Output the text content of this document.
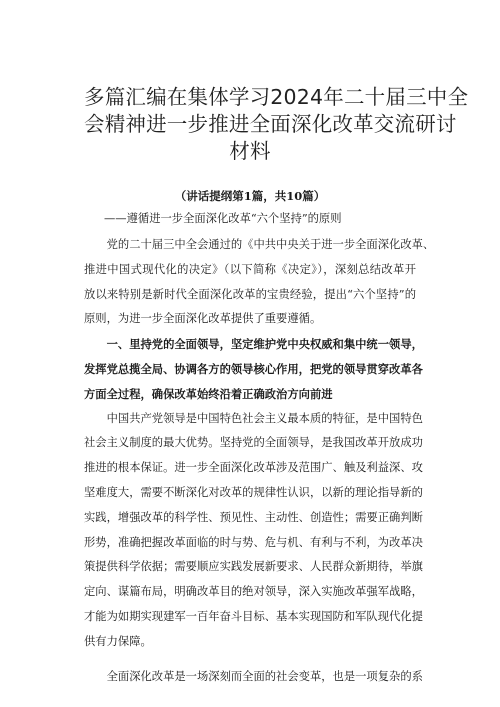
多篇汇编在集体学习2024年二十届三中全
会精神进一步推进全面深化改革交流研讨
材料
（讲话提纲第1篇，共10篇）
——遵循进一步全面深化改革“六个坚持”的原则
党的二十届三中全会通过的《中共中央关于进一步全面深化改革、
推进中国式现代化的决定》（以下简称《决定》），深刻总结改革开
放以来特别是新时代全面深化改革的宝贵经验，提出“六个坚持”的
原则，为进一步全面深化改革提供了重要遵循。
一、里持党的全面领导，坚定维护党中央权威和集中统一领导，
发挥党总揽全局、协调各方的领导核心作用，把党的领导贯穿改革各
方面全过程，确保改革始终沿着正确政治方向前进
中国共产党领导是中国特色社会主义最本质的特征，是中国特色
社会主义制度的最大优势。坚持党的全面领导，是我国改革开放成功
推进的根本保证。进一步全面深化改革涉及范围广、触及利益深、攻
坚难度大，需要不断深化对改革的规律性认识，以新的理论指导新的
实践，增强改革的科学性、预见性、主动性、创造性；需要正确判断
形势，准确把握改革面临的时与势、危与机、有利与不利，为改革决
策提供科学依据；需要顺应实践发展新要求、人民群众新期待，举旗
定向、谋篇布局，明确改革目的绝对领导，深入实施改革强军战略，
才能为如期实现建军一百年奋斗目标、基本实现国防和军队现代化提
供有力保障。
全面深化改革是一场深刻而全面的社会变革，也是一项复杂的系
